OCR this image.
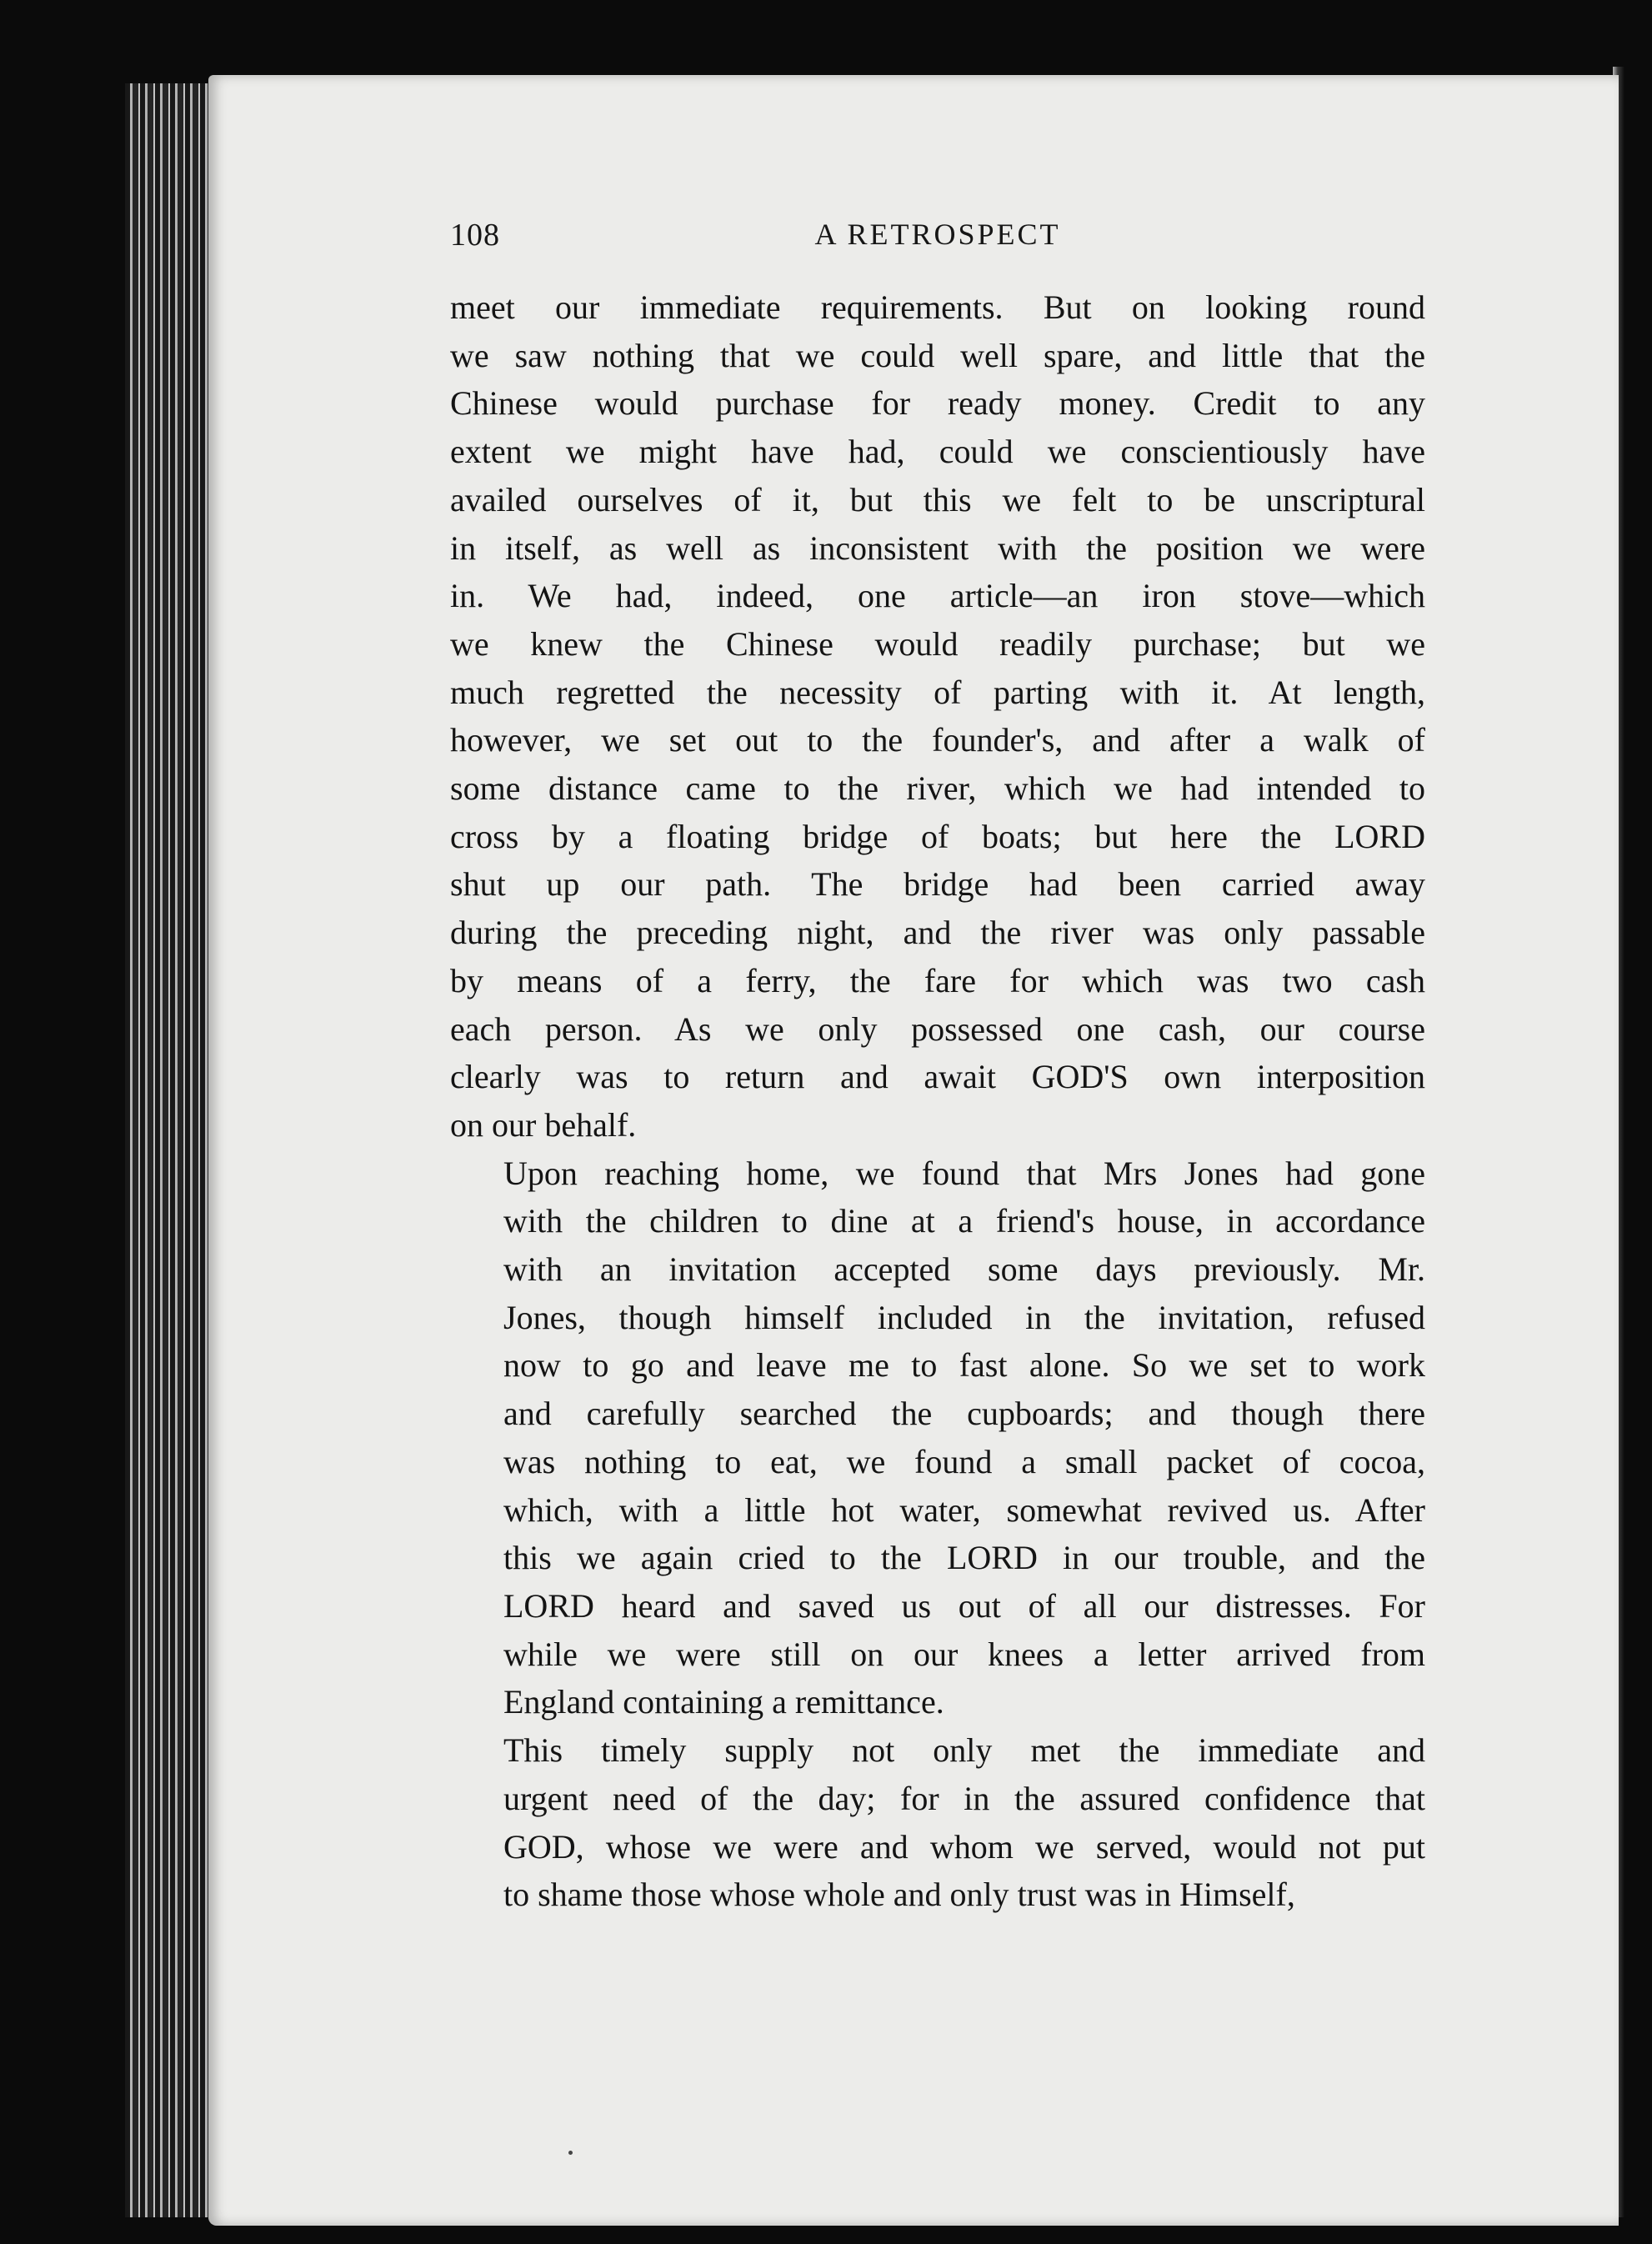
108	A RETROSPECT

meet our immediate requirements. But on looking round
we saw nothing that we could well spare, and little that the
Chinese would purchase for ready money. Credit to any
extent we might have had, could we conscientiously have
availed ourselves of it, but this we felt to be unscriptural
in itself, as well as inconsistent with the position we were
in. We had, indeed, one article—an iron stove—which
we knew the Chinese would readily purchase; but we
much regretted the necessity of parting with it. At length,
however, we set out to the founder's, and after a walk of
some distance came to the river, which we had intended to
cross by a floating bridge of boats; but here the LORD
shut up our path. The bridge had been carried away
during the preceding night, and the river was only passable
by means of a ferry, the fare for which was two cash
each person. As we only possessed one cash, our course
clearly was to return and await GOD'S own interposition
on our behalf.

Upon reaching home, we found that Mrs Jones had gone
with the children to dine at a friend's house, in accordance
with an invitation accepted some days previously. Mr.
Jones, though himself included in the invitation, refused
now to go and leave me to fast alone. So we set to work
and carefully searched the cupboards; and though there
was nothing to eat, we found a small packet of cocoa,
which, with a little hot water, somewhat revived us. After
this we again cried to the LORD in our trouble, and the
LORD heard and saved us out of all our distresses. For
while we were still on our knees a letter arrived from
England containing a remittance.

This timely supply not only met the immediate and
urgent need of the day; for in the assured confidence that
GOD, whose we were and whom we served, would not put
to shame those whose whole and only trust was in Himself,
